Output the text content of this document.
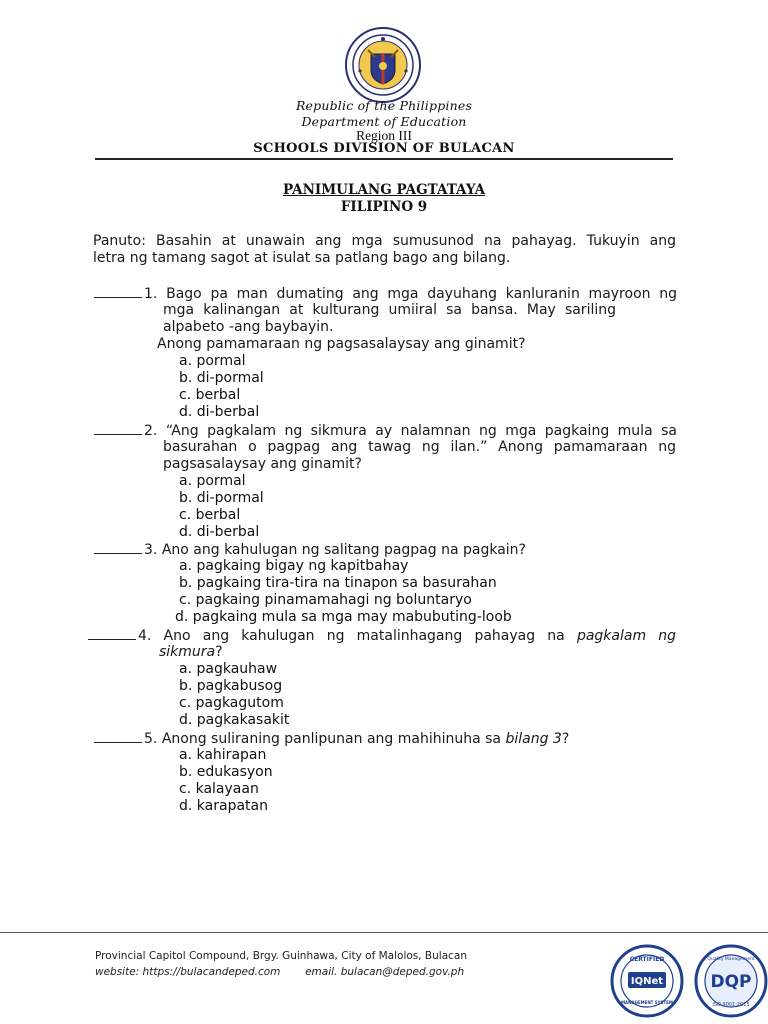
Republic of the Philippines
Department of Education
Region III
SCHOOLS DIVISION OF BULACAN
PANIMULANG PAGTATAYA
FILIPINO 9
Panuto: Basahin at unawain ang mga sumusunod na pahayag. Tukuyin ang
letra ng tamang sagot at isulat sa patlang bago ang bilang.
1. Bago pa man dumating ang mga dayuhang kanluranin mayroon ng
mga kalinangan at kulturang umiiral sa bansa. May sariling
alpabeto -ang baybayin.
Anong pamamaraan ng pagsasalaysay ang ginamit?
a. pormal
b. di-pormal
c. berbal
d. di-berbal
2. “Ang pagkalam ng sikmura ay nalamnan ng mga pagkaing mula sa
basurahan o pagpag ang tawag ng ilan.” Anong pamamaraan ng
pagsasalaysay ang ginamit?
a. pormal
b. di-pormal
c. berbal
d. di-berbal
3. Ano ang kahulugan ng salitang pagpag na pagkain?
a. pagkaing bigay ng kapitbahay
b. pagkaing tira-tira na tinapon sa basurahan
c. pagkaing pinamamahagi ng boluntaryo
d. pagkaing mula sa mga may mabubuting-loob
4. Ano ang kahulugan ng matalinhagang pahayag na pagkalam ng
sikmura?
a. pagkauhaw
b. pagkabusog
c. pagkagutom
d. pagkakasakit
5. Anong suliraning panlipunan ang mahihinuha sa bilang 3?
a. kahirapan
b. edukasyon
c. kalayaan
d. karapatan
Provincial Capitol Compound, Brgy. Guinhawa, City of Malolos, Bulacan
website: https://bulacandeped.com email. bulacan@deped.gov.ph
IQNet
CERTIFIED
MANAGEMENT SYSTEM
DQP
Quality Management
ISO 9001:2015
